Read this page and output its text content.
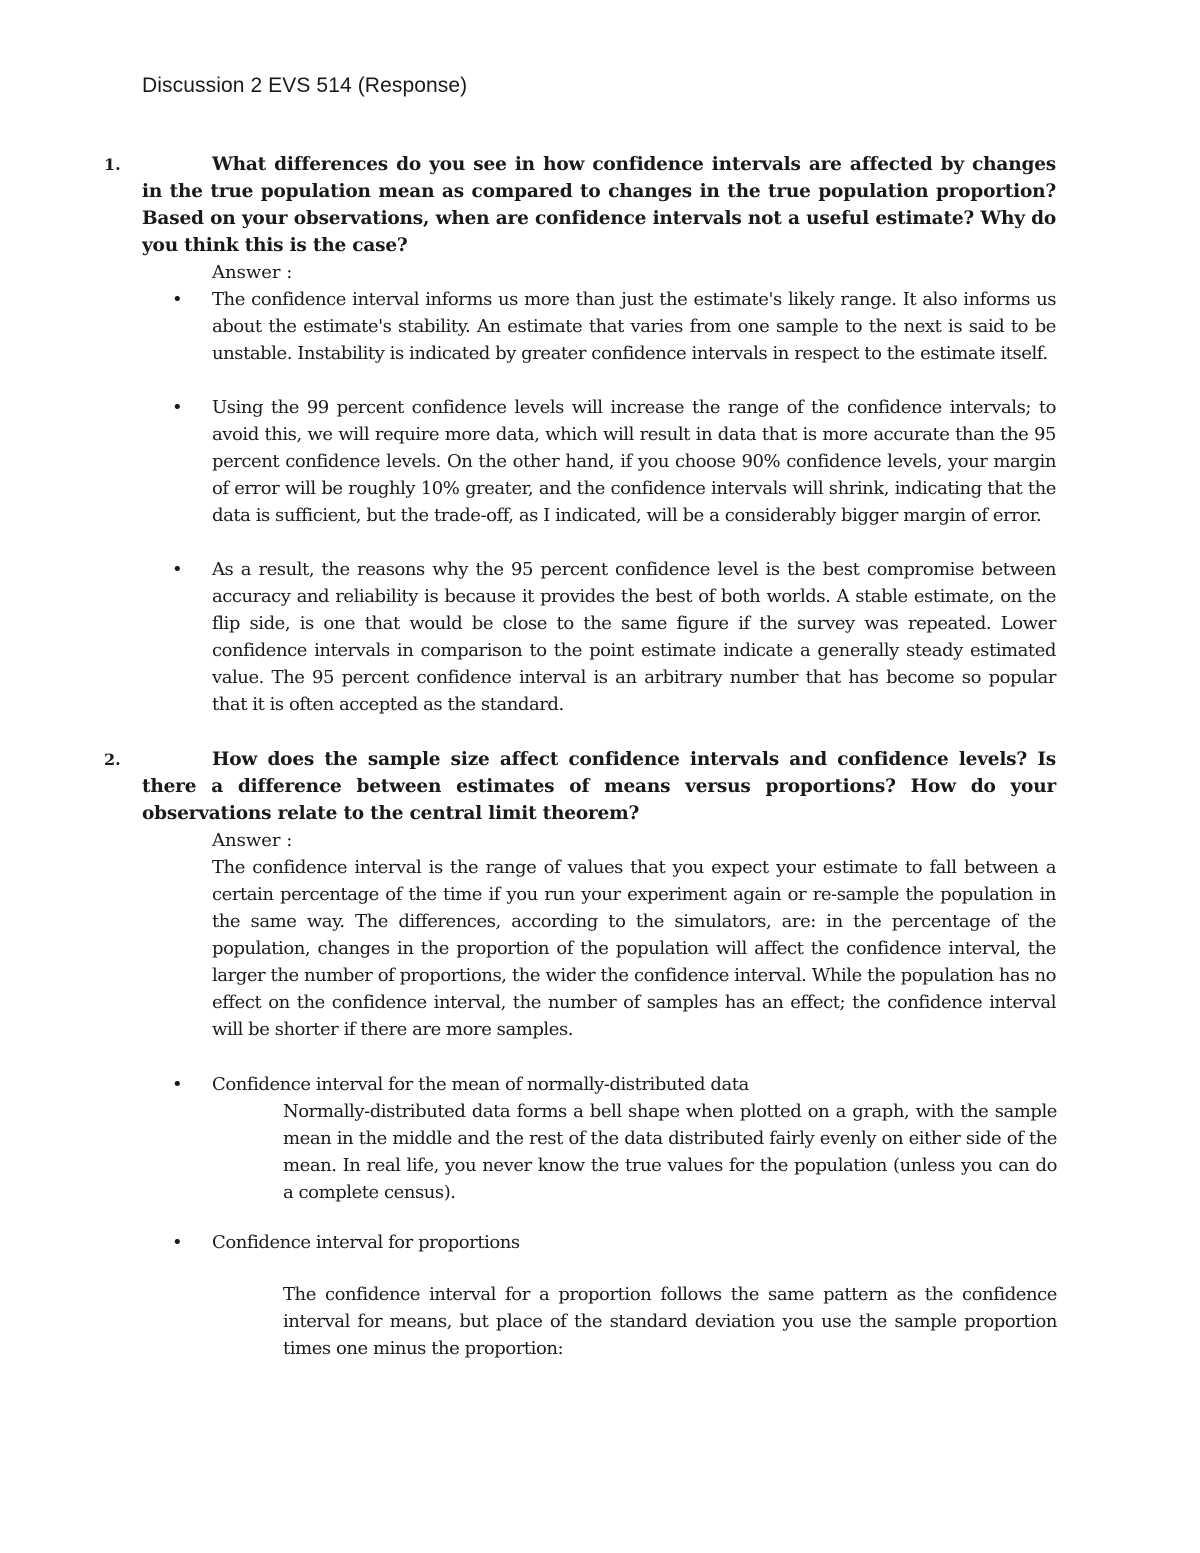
Discussion 2 EVS 514 (Response)
1.	What differences do you see in how confidence intervals are affected by changes in the true population mean as compared to changes in the true population proportion? Based on your observations, when are confidence intervals not a useful estimate? Why do you think this is the case?

Answer :
• The confidence interval informs us more than just the estimate's likely range. It also informs us about the estimate's stability. An estimate that varies from one sample to the next is said to be unstable. Instability is indicated by greater confidence intervals in respect to the estimate itself.

• Using the 99 percent confidence levels will increase the range of the confidence intervals; to avoid this, we will require more data, which will result in data that is more accurate than the 95 percent confidence levels. On the other hand, if you choose 90% confidence levels, your margin of error will be roughly 10% greater, and the confidence intervals will shrink, indicating that the data is sufficient, but the trade-off, as I indicated, will be a considerably bigger margin of error.

• As a result, the reasons why the 95 percent confidence level is the best compromise between accuracy and reliability is because it provides the best of both worlds. A stable estimate, on the flip side, is one that would be close to the same figure if the survey was repeated. Lower confidence intervals in comparison to the point estimate indicate a generally steady estimated value. The 95 percent confidence interval is an arbitrary number that has become so popular that it is often accepted as the standard.

2.	How does the sample size affect confidence intervals and confidence levels? Is there a difference between estimates of means versus proportions? How do your observations relate to the central limit theorem?

Answer :

The confidence interval is the range of values that you expect your estimate to fall between a certain percentage of the time if you run your experiment again or re-sample the population in the same way. The differences, according to the simulators, are: in the percentage of the population, changes in the proportion of the population will affect the confidence interval, the larger the number of proportions, the wider the confidence interval. While the population has no effect on the confidence interval, the number of samples has an effect; the confidence interval will be shorter if there are more samples.

• Confidence interval for the mean of normally-distributed data

Normally-distributed data forms a bell shape when plotted on a graph, with the sample mean in the middle and the rest of the data distributed fairly evenly on either side of the mean. In real life, you never know the true values for the population (unless you can do a complete census).

• Confidence interval for proportions

The confidence interval for a proportion follows the same pattern as the confidence interval for means, but place of the standard deviation you use the sample proportion times one minus the proportion:
